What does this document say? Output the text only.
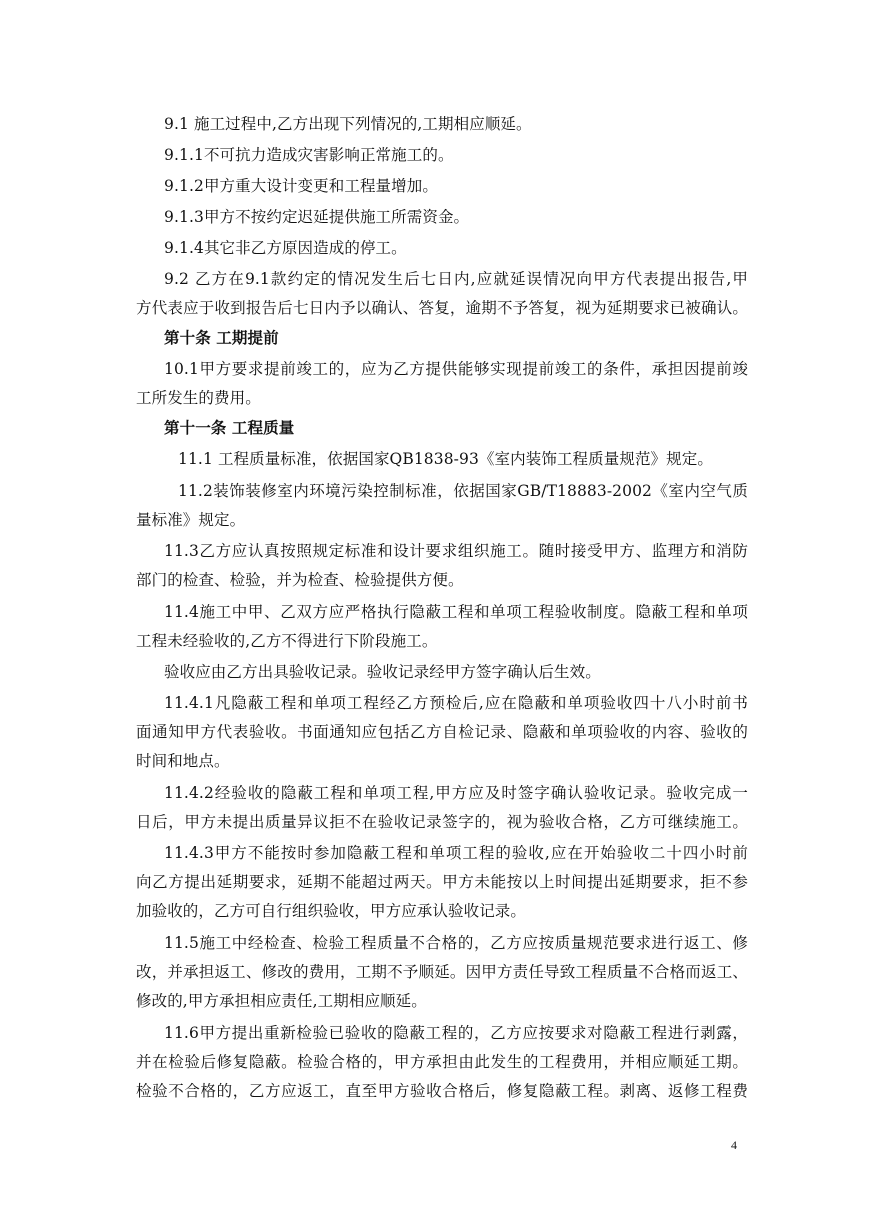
9.1 施工过程中,乙方出现下列情况的,工期相应顺延。
9.1.1不可抗力造成灾害影响正常施工的。
9.1.2甲方重大设计变更和工程量增加。
9.1.3甲方不按约定迟延提供施工所需资金。
9.1.4其它非乙方原因造成的停工。
9.2 乙方在9.1款约定的情况发生后七日内,应就延误情况向甲方代表提出报告,甲
方代表应于收到报告后七日内予以确认、答复，逾期不予答复，视为延期要求已被确认。
第十条 工期提前
10.1甲方要求提前竣工的，应为乙方提供能够实现提前竣工的条件，承担因提前竣
工所发生的费用。
第十一条 工程质量
11.1 工程质量标准，依据国家QB1838-93《室内装饰工程质量规范》规定。
11.2装饰装修室内环境污染控制标准，依据国家GB/T18883-2002《室内空气质
量标准》规定。
11.3乙方应认真按照规定标准和设计要求组织施工。随时接受甲方、监理方和消防
部门的检查、检验，并为检查、检验提供方便。
11.4施工中甲、乙双方应严格执行隐蔽工程和单项工程验收制度。隐蔽工程和单项
工程未经验收的,乙方不得进行下阶段施工。
验收应由乙方出具验收记录。验收记录经甲方签字确认后生效。
11.4.1凡隐蔽工程和单项工程经乙方预检后,应在隐蔽和单项验收四十八小时前书
面通知甲方代表验收。书面通知应包括乙方自检记录、隐蔽和单项验收的内容、验收的
时间和地点。
11.4.2经验收的隐蔽工程和单项工程,甲方应及时签字确认验收记录。验收完成一
日后，甲方未提出质量异议拒不在验收记录签字的，视为验收合格，乙方可继续施工。
11.4.3甲方不能按时参加隐蔽工程和单项工程的验收,应在开始验收二十四小时前
向乙方提出延期要求，延期不能超过两天。甲方未能按以上时间提出延期要求，拒不参
加验收的，乙方可自行组织验收，甲方应承认验收记录。
11.5施工中经检查、检验工程质量不合格的，乙方应按质量规范要求进行返工、修
改，并承担返工、修改的费用，工期不予顺延。因甲方责任导致工程质量不合格而返工、
修改的,甲方承担相应责任,工期相应顺延。
11.6甲方提出重新检验已验收的隐蔽工程的，乙方应按要求对隐蔽工程进行剥露，
并在检验后修复隐蔽。检验合格的，甲方承担由此发生的工程费用，并相应顺延工期。
检验不合格的，乙方应返工，直至甲方验收合格后，修复隐蔽工程。剥离、返修工程费
4
